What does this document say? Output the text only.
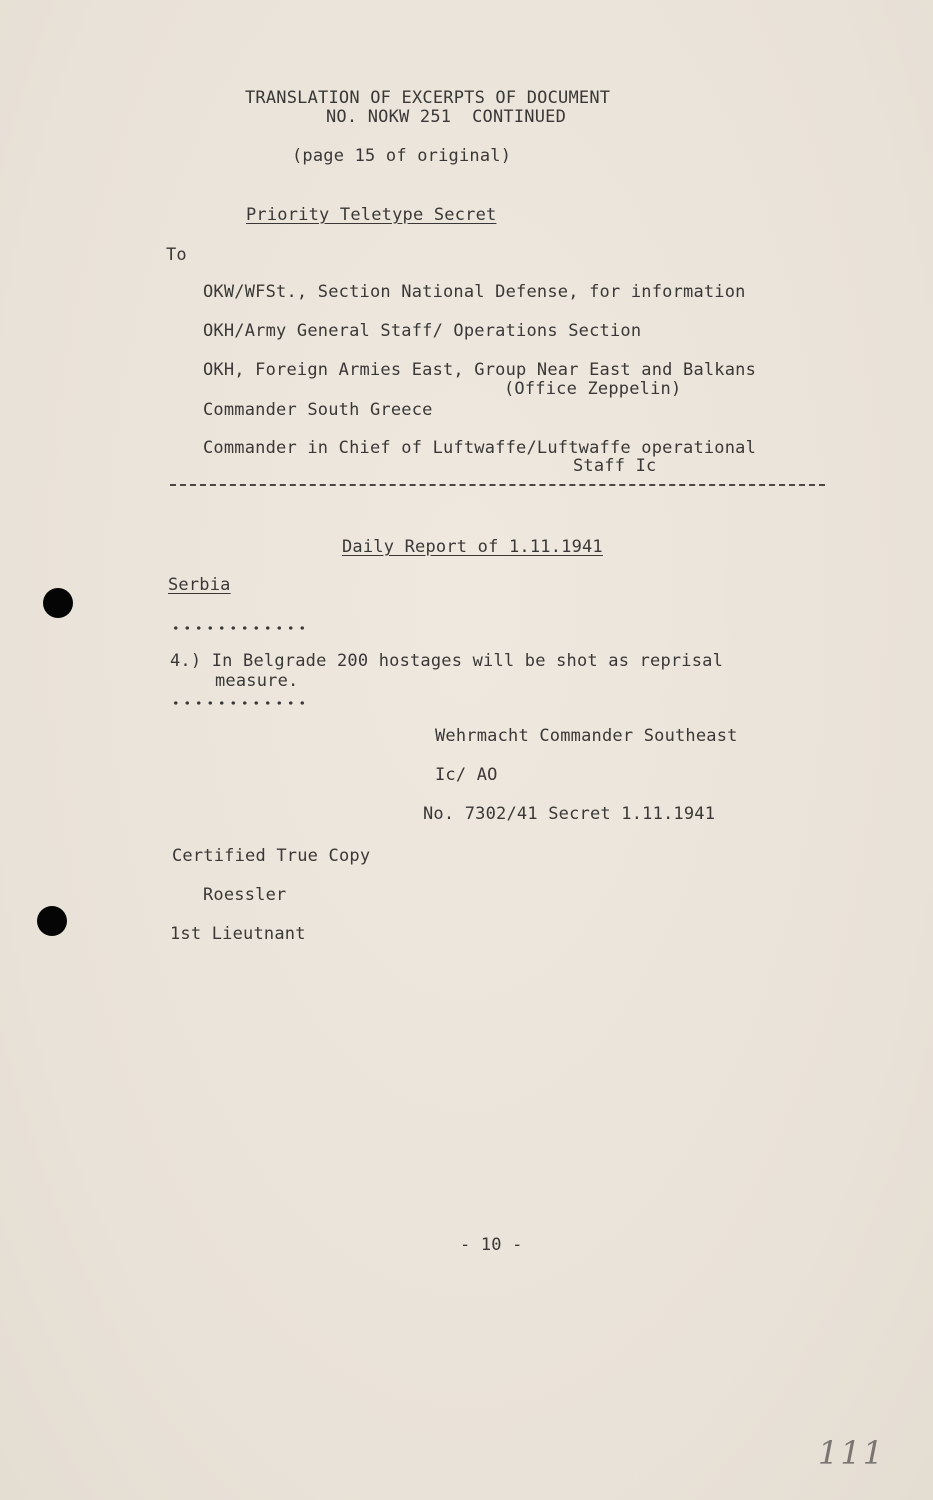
TRANSLATION OF EXCERPTS OF DOCUMENT
NO. NOKW 251  CONTINUED
(page 15 of original)
Priority Teletype Secret
To
OKW/WFSt., Section National Defense, for information
OKH/Army General Staff/ Operations Section
OKH, Foreign Armies East, Group Near East and Balkans
(Office Zeppelin)
Commander South Greece
Commander in Chief of Luftwaffe/Luftwaffe operational
Staff Ic
Daily Report of 1.11.1941
Serbia
4.) In Belgrade 200 hostages will be shot as reprisal
measure.
Wehrmacht Commander Southeast
Ic/ AO
No. 7302/41 Secret 1.11.1941
Certified True Copy
Roessler
1st Lieutnant
- 10 -
111
